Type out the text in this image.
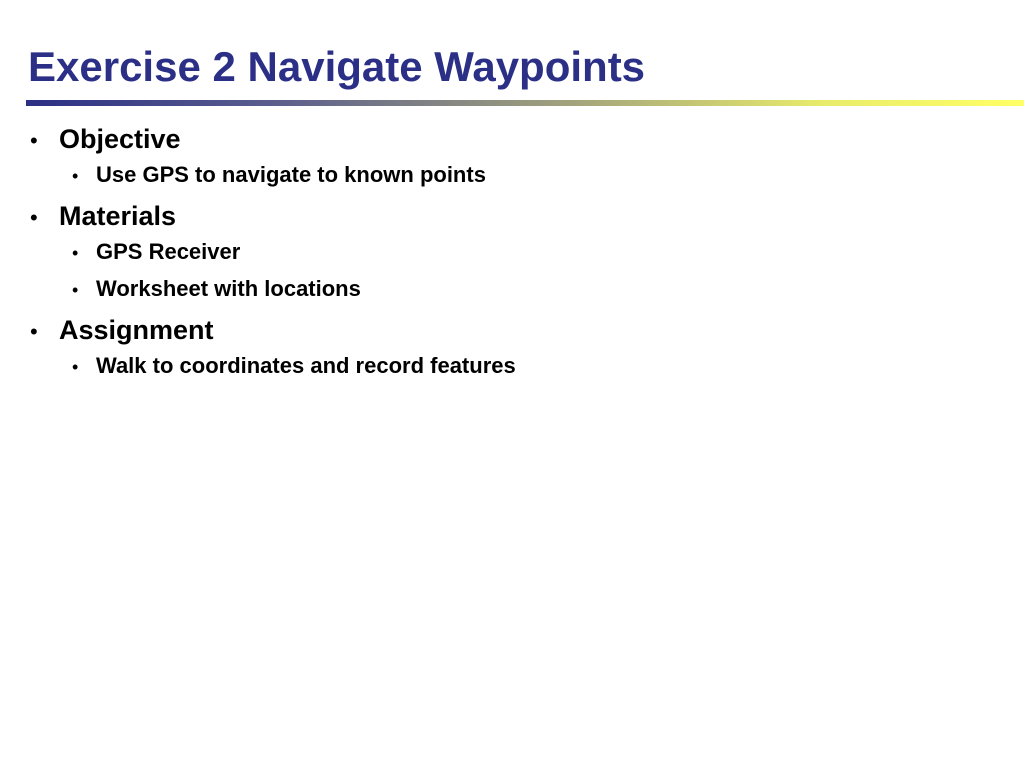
Exercise 2 Navigate Waypoints
• Objective
• Use GPS to navigate to known points
• Materials
• GPS Receiver
• Worksheet with locations
• Assignment
• Walk to coordinates and record features
